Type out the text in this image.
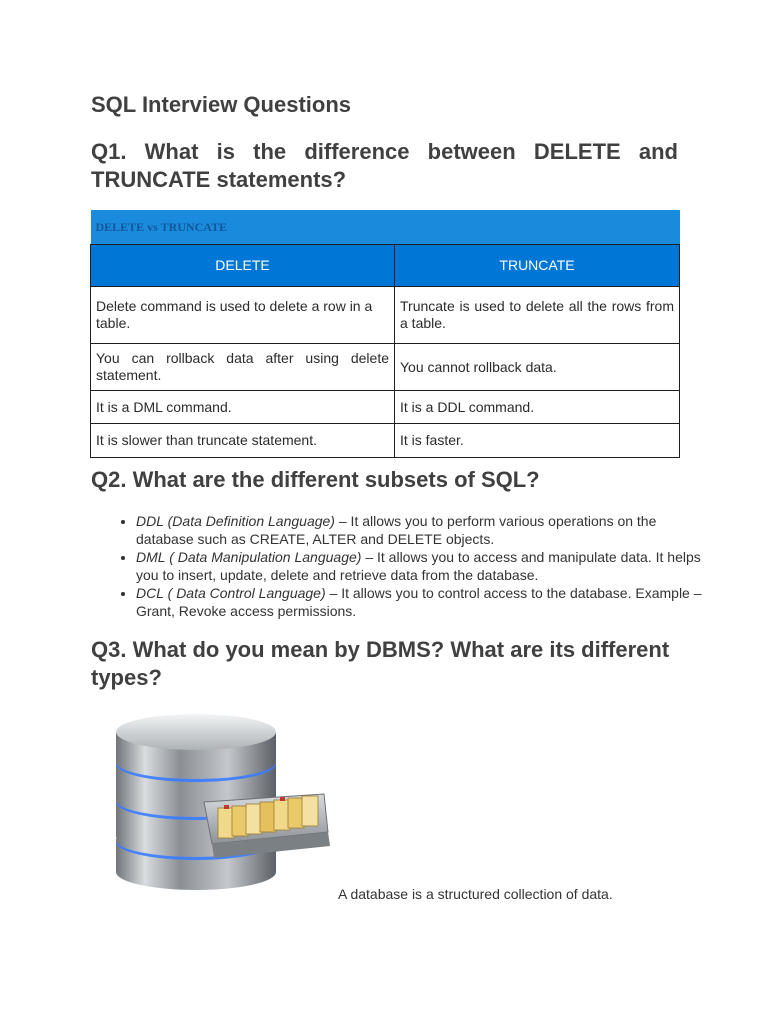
SQL Interview Questions
Q1. What is the difference between DELETE and TRUNCATE statements?
DELETE vs TRUNCATE	
DELETE	TRUNCATE
Delete command is used to delete a row in a table.	Truncate is used to delete all the rows from a table.
You can rollback data after using delete statement.	You cannot rollback data.
It is a DML command.	It is a DDL command.
It is slower than truncate statement.	It is faster.
Q2. What are the different subsets of SQL?
• DDL (Data Definition Language) – It allows you to perform various operations on the database such as CREATE, ALTER and DELETE objects.
• DML ( Data Manipulation Language) – It allows you to access and manipulate data. It helps you to insert, update, delete and retrieve data from the database.
• DCL ( Data Control Language) – It allows you to control access to the database. Example – Grant, Revoke access permissions.
Q3. What do you mean by DBMS? What are its different types?
A database is a structured collection of data.
